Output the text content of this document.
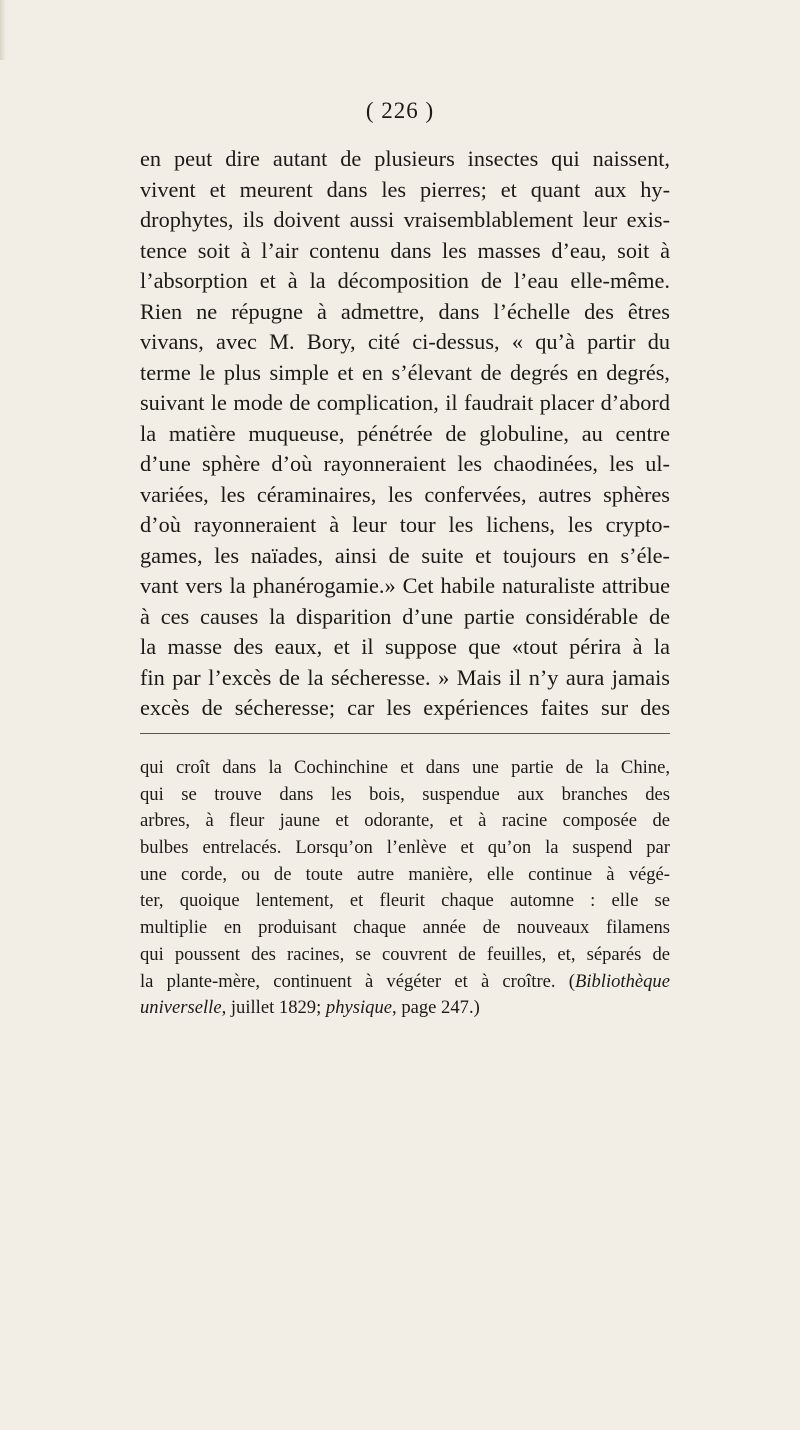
( 226 )
en peut dire autant de plusieurs insectes qui naissent,
vivent et meurent dans les pierres; et quant aux hy-
drophytes, ils doivent aussi vraisemblablement leur exis-
tence soit à l’air contenu dans les masses d’eau, soit à
l’absorption et à la décomposition de l’eau elle-même.
Rien ne répugne à admettre, dans l’échelle des êtres
vivans, avec M. Bory, cité ci-dessus, « qu’à partir du
terme le plus simple et en s’élevant de degrés en degrés,
suivant le mode de complication, il faudrait placer d’abord
la matière muqueuse, pénétrée de globuline, au centre
d’une sphère d’où rayonneraient les chaodinées, les ul-
variées, les céraminaires, les confervées, autres sphères
d’où rayonneraient à leur tour les lichens, les crypto-
games, les naïades, ainsi de suite et toujours en s’éle-
vant vers la phanérogamie.» Cet habile naturaliste attribue
à ces causes la disparition d’une partie considérable de
la masse des eaux, et il suppose que «tout périra à la
fin par l’excès de la sécheresse. » Mais il n’y aura jamais
excès de sécheresse; car les expériences faites sur des
qui croît dans la Cochinchine et dans une partie de la Chine,
qui se trouve dans les bois, suspendue aux branches des
arbres, à fleur jaune et odorante, et à racine composée de
bulbes entrelacés. Lorsqu’on l’enlève et qu’on la suspend par
une corde, ou de toute autre manière, elle continue à végé-
ter, quoique lentement, et fleurit chaque automne : elle se
multiplie en produisant chaque année de nouveaux filamens
qui poussent des racines, se couvrent de feuilles, et, séparés de
la plante-mère, continuent à végéter et à croître. (Bibliothèque
universelle, juillet 1829; physique, page 247.)
